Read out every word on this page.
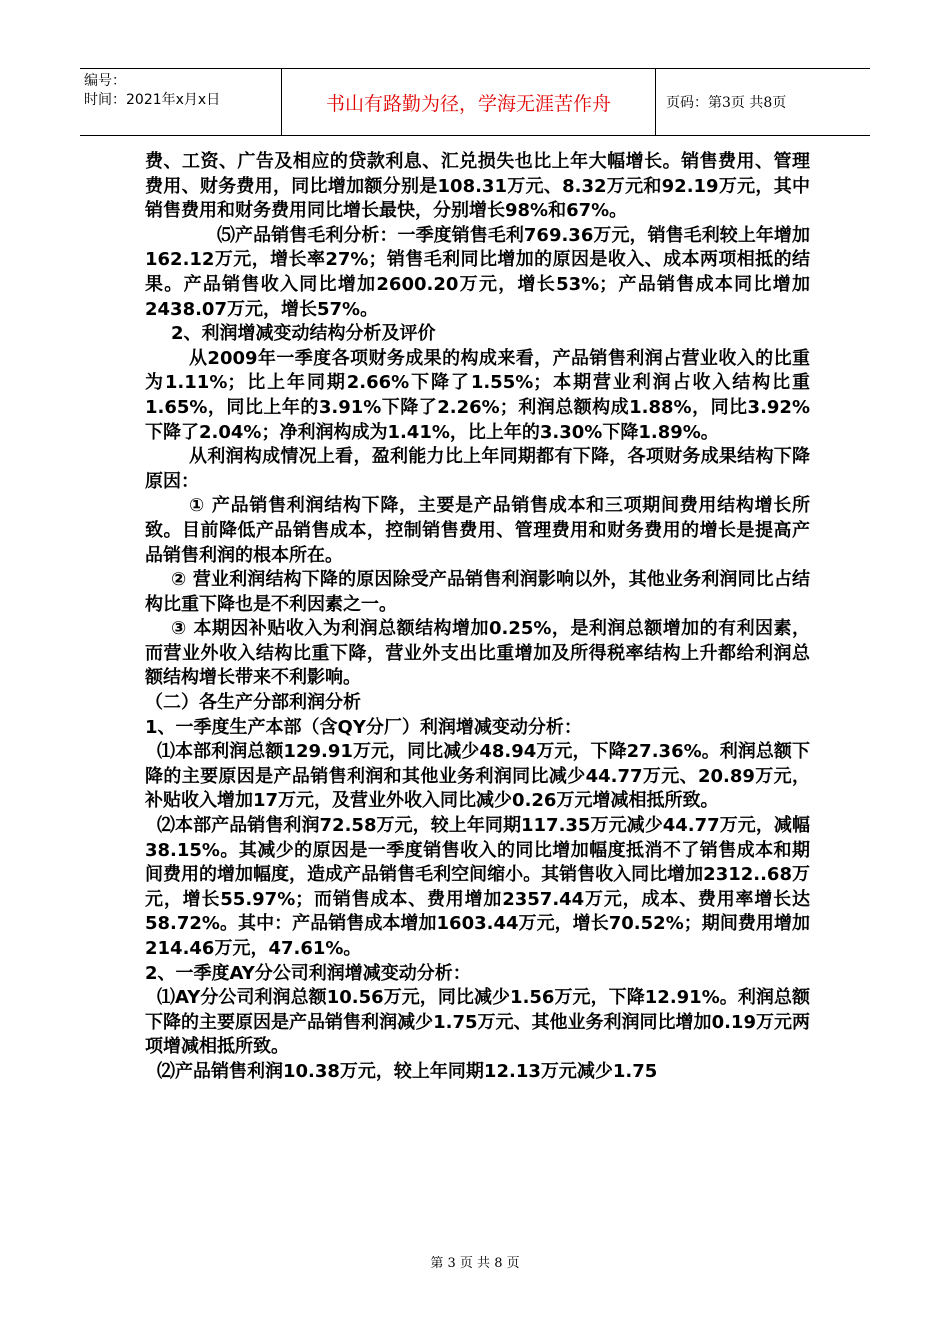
编号：
时间：2021年x月x日	书山有路勤为径，学海无涯苦作舟	页码：第3页 共8页

费、工资、广告及相应的贷款利息、汇兑损失也比上年大幅增长。销售费用、管理费用、财务费用，同比增加额分别是108.31万元、8.32万元和92.19万元，其中销售费用和财务费用同比增长最快，分别增长98%和67%。

⑸产品销售毛利分析：一季度销售毛利769.36万元，销售毛利较上年增加162.12万元，增长率27%；销售毛利同比增加的原因是收入、成本两项相抵的结果。产品销售收入同比增加2600.20万元，增长53%；产品销售成本同比增加2438.07万元，增长57%。

2、利润增减变动结构分析及评价

从2009年一季度各项财务成果的构成来看，产品销售利润占营业收入的比重为1.11%；比上年同期2.66%下降了1.55%；本期营业利润占收入结构比重1.65%，同比上年的3.91%下降了2.26%；利润总额构成1.88%，同比3.92%下降了2.04%；净利润构成为1.41%，比上年的3.30%下降1.89%。

从利润构成情况上看，盈利能力比上年同期都有下降，各项财务成果结构下降原因：

① 产品销售利润结构下降，主要是产品销售成本和三项期间费用结构增长所致。目前降低产品销售成本，控制销售费用、管理费用和财务费用的增长是提高产品销售利润的根本所在。

② 营业利润结构下降的原因除受产品销售利润影响以外，其他业务利润同比占结构比重下降也是不利因素之一。

③ 本期因补贴收入为利润总额结构增加0.25%，是利润总额增加的有利因素，而营业外收入结构比重下降，营业外支出比重增加及所得税率结构上升都给利润总额结构增长带来不利影响。

（二）各生产分部利润分析

1、一季度生产本部（含QY分厂）利润增减变动分析：

⑴本部利润总额129.91万元，同比减少48.94万元，下降27.36%。利润总额下降的主要原因是产品销售利润和其他业务利润同比减少44.77万元、20.89万元，补贴收入增加17万元，及营业外收入同比减少0.26万元增减相抵所致。

⑵本部产品销售利润72.58万元，较上年同期117.35万元减少44.77万元，减幅38.15%。其减少的原因是一季度销售收入的同比增加幅度抵消不了销售成本和期间费用的增加幅度，造成产品销售毛利空间缩小。其销售收入同比增加2312..68万元，增长55.97%；而销售成本、费用增加2357.44万元，成本、费用率增长达58.72%。其中：产品销售成本增加1603.44万元，增长70.52%；期间费用增加214.46万元，47.61%。

2、一季度AY分公司利润增减变动分析：

⑴AY分公司利润总额10.56万元，同比减少1.56万元，下降12.91%。利润总额下降的主要原因是产品销售利润减少1.75万元、其他业务利润同比增加0.19万元两项增减相抵所致。

⑵产品销售利润10.38万元，较上年同期12.13万元减少1.75

第 3 页 共 8 页
